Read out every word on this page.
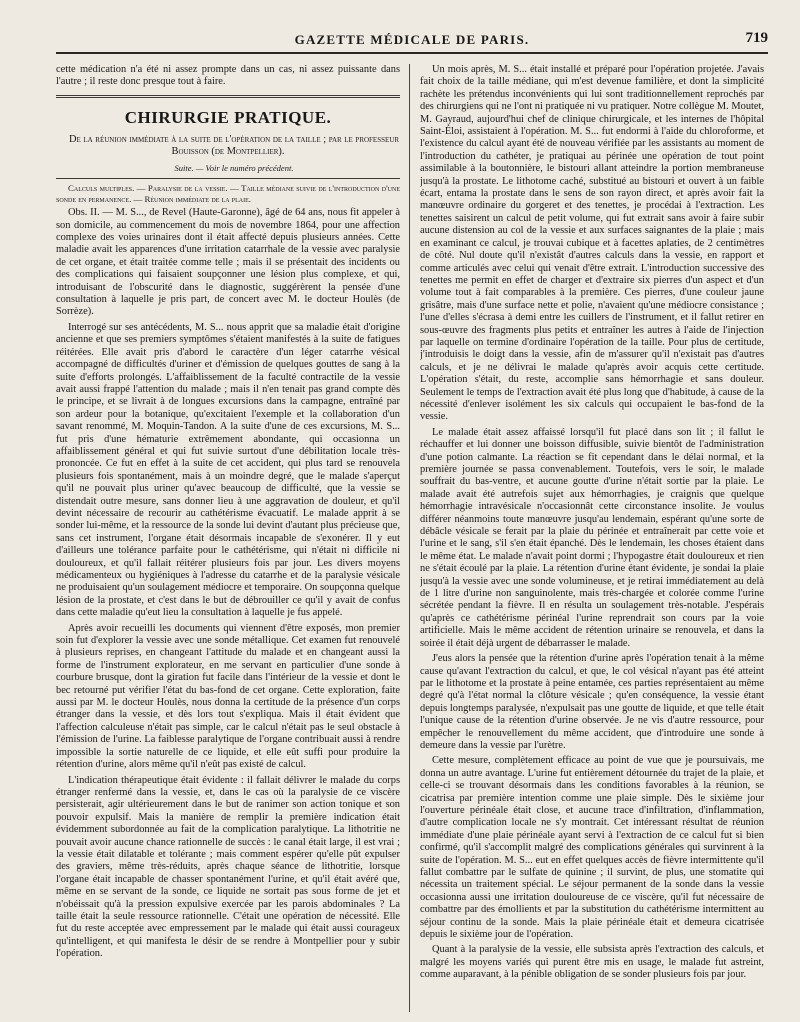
GAZETTE MÉDICALE DE PARIS.	719

cette médication n'a été ni assez prompte dans un cas, ni assez puissante dans l'autre ; il reste donc presque tout à faire.

CHIRURGIE PRATIQUE.

De la réunion immédiate à la suite de l'opération de la taille ; par le professeur Bouisson (de Montpellier).

Suite. — Voir le numéro précédent.

Calculs multiples. — Paralysie de la vessie. — Taille médiane suivie de l'introduction d'une sonde en permanence. — Réunion immédiate de la plaie.

Obs. II. — M. S..., de Revel (Haute-Garonne), âgé de 64 ans, nous fit appeler à son domicile, au commencement du mois de novembre 1864, pour une affection complexe des voies urinaires dont il était affecté depuis plusieurs années. Cette maladie avait les apparences d'une irritation catarrhale de la vessie avec paralysie de cet organe, et était traitée comme telle ; mais il se présentait des incidents ou des complications qui faisaient soupçonner une lésion plus complexe, et qui, introduisant de l'obscurité dans le diagnostic, suggérèrent la pensée d'une consultation à laquelle je pris part, de concert avec M. le docteur Houlès (de Sorrèze).

Interrogé sur ses antécédents, M. S... nous apprit que sa maladie était d'origine ancienne et que ses premiers symptômes s'étaient manifestés à la suite de fatigues réitérées. Elle avait pris d'abord le caractère d'un léger catarrhe vésical accompagné de difficultés d'uriner et d'émission de quelques gouttes de sang à la suite d'efforts prolongés. L'affaiblissement de la faculté contractile de la vessie avait aussi frappé l'attention du malade ; mais il n'en tenait pas grand compte dès le principe, et se livrait à de longues excursions dans la campagne, entraîné par son ardeur pour la botanique, qu'excitaient l'exemple et la collaboration d'un savant renommé, M. Moquin-Tandon. A la suite d'une de ces excursions, M. S... fut pris d'une hématurie extrêmement abondante, qui occasionna un affaiblissement général et qui fut suivie surtout d'une débilitation locale très-prononcée. Ce fut en effet à la suite de cet accident, qui plus tard se renouvela plusieurs fois spontanément, mais à un moindre degré, que le malade s'aperçut qu'il ne pouvait plus uriner qu'avec beaucoup de difficulté, que la vessie se distendait outre mesure, sans donner lieu à une aggravation de douleur, et qu'il devint nécessaire de recourir au cathétérisme évacuatif. Le malade apprit à se sonder lui-même, et la ressource de la sonde lui devint d'autant plus précieuse que, sans cet instrument, l'organe était désormais incapable de s'exonérer. Il y eut d'ailleurs une tolérance parfaite pour le cathétérisme, qui n'était ni difficile ni douloureux, et qu'il fallait réitérer plusieurs fois par jour. Les divers moyens médicamenteux ou hygiéniques à l'adresse du catarrhe et de la paralysie vésicale ne produisaient qu'un soulagement médiocre et temporaire. On soupçonna quelque lésion de la prostate, et c'est dans le but de débrouiller ce qu'il y avait de confus dans cette maladie qu'eut lieu la consultation à laquelle je fus appelé.

Après avoir recueilli les documents qui viennent d'être exposés, mon premier soin fut d'explorer la vessie avec une sonde métallique. Cet examen fut renouvelé à plusieurs reprises, en changeant l'attitude du malade et en changeant aussi la forme de l'instrument explorateur, en me servant en particulier d'une sonde à courbure brusque, dont la giration fut facile dans l'intérieur de la vessie et dont le bec retourné put vérifier l'état du bas-fond de cet organe. Cette exploration, faite aussi par M. le docteur Houlès, nous donna la certitude de la présence d'un corps étranger dans la vessie, et dès lors tout s'expliqua. Mais il était évident que l'affection calculeuse n'était pas simple, car le calcul n'était pas le seul obstacle à l'émission de l'urine. La faiblesse paralytique de l'organe contribuait aussi à rendre impossible la sortie naturelle de ce liquide, et elle eût suffi pour produire la rétention d'urine, alors même qu'il n'eût pas existé de calcul.

L'indication thérapeutique était évidente : il fallait délivrer le malade du corps étranger renfermé dans la vessie, et, dans le cas où la paralysie de ce viscère persisterait, agir ultérieurement dans le but de ranimer son action tonique et son pouvoir expulsif. Mais la manière de remplir la première indication était évidemment subordonnée au fait de la complication paralytique. La lithotritie ne pouvait avoir aucune chance rationnelle de succès : le canal était large, il est vrai ; la vessie était dilatable et tolérante ; mais comment espérer qu'elle pût expulser des graviers, même très-réduits, après chaque séance de lithotritie, lorsque l'organe était incapable de chasser spontanément l'urine, et qu'il était avéré que, même en se servant de la sonde, ce liquide ne sortait pas sous forme de jet et n'obéissait qu'à la pression expulsive exercée par les parois abdominales ? La taille était la seule ressource rationnelle. C'était une opération de nécessité. Elle fut du reste acceptée avec empressement par le malade qui était aussi courageux qu'intelligent, et qui manifesta le désir de se rendre à Montpellier pour y subir l'opération.

Un mois après, M. S... était installé et préparé pour l'opération projetée. J'avais fait choix de la taille médiane, qui m'est devenue familière, et dont la simplicité rachète les prétendus inconvénients qui lui sont traditionnellement reprochés par des chirurgiens qui ne l'ont ni pratiquée ni vu pratiquer. Notre collègue M. Moutet, M. Gayraud, aujourd'hui chef de clinique chirurgicale, et les internes de l'hôpital Saint-Éloi, assistaient à l'opération. M. S... fut endormi à l'aide du chloroforme, et l'existence du calcul ayant été de nouveau vérifiée par les assistants au moment de l'introduction du cathéter, je pratiquai au périnée une opération de tout point assimilable à la boutonnière, le bistouri allant atteindre la portion membraneuse jusqu'à la prostate. Le lithotome caché, substitué au bistouri et ouvert à un faible écart, entama la prostate dans le sens de son rayon direct, et après avoir fait la manœuvre ordinaire du gorgeret et des tenettes, je procédai à l'extraction. Les tenettes saisirent un calcul de petit volume, qui fut extrait sans avoir à faire subir aucune distension au col de la vessie et aux surfaces saignantes de la plaie ; mais en examinant ce calcul, je trouvai cubique et à facettes aplaties, de 2 centimètres de côté. Nul doute qu'il n'existât d'autres calculs dans la vessie, en rapport et comme articulés avec celui qui venait d'être extrait. L'introduction successive des tenettes me permit en effet de charger et d'extraire six pierres d'un aspect et d'un volume tout à fait comparables à la première. Ces pierres, d'une couleur jaune grisâtre, mais d'une surface nette et polie, n'avaient qu'une médiocre consistance ; l'une d'elles s'écrasa à demi entre les cuillers de l'instrument, et il fallut retirer en sous-œuvre des fragments plus petits et entraîner les autres à l'aide de l'injection par laquelle on termine d'ordinaire l'opération de la taille. Pour plus de certitude, j'introduisis le doigt dans la vessie, afin de m'assurer qu'il n'existait pas d'autres calculs, et je ne délivrai le malade qu'après avoir acquis cette certitude. L'opération s'était, du reste, accomplie sans hémorrhagie et sans douleur. Seulement le temps de l'extraction avait été plus long que d'habitude, à cause de la nécessité d'enlever isolément les six calculs qui occupaient le bas-fond de la vessie.

Le malade était assez affaissé lorsqu'il fut placé dans son lit ; il fallut le réchauffer et lui donner une boisson diffusible, suivie bientôt de l'administration d'une potion calmante. La réaction se fit cependant dans le délai normal, et la première journée se passa convenablement. Toutefois, vers le soir, le malade souffrait du bas-ventre, et aucune goutte d'urine n'était sortie par la plaie. Le malade avait été autrefois sujet aux hémorrhagies, je craignis que quelque hémorrhagie intravésicale n'occasionnât cette circonstance insolite. Je voulus différer néanmoins toute manœuvre jusqu'au lendemain, espérant qu'une sorte de débâcle vésicale se ferait par la plaie du périnée et entraînerait par cette voie et l'urine et le sang, s'il s'en était épanché. Dès le lendemain, les choses étaient dans le même état. Le malade n'avait point dormi ; l'hypogastre était douloureux et rien ne s'était écoulé par la plaie. La rétention d'urine étant évidente, je sondai la plaie jusqu'à la vessie avec une sonde volumineuse, et je retirai immédiatement au delà de 1 litre d'urine non sanguinolente, mais très-chargée et colorée comme l'urine sécrétée pendant la fièvre. Il en résulta un soulagement très-notable. J'espérais qu'après ce cathétérisme périnéal l'urine reprendrait son cours par la voie artificielle. Mais le même accident de rétention urinaire se renouvela, et dans la soirée il était déjà urgent de débarrasser le malade.

J'eus alors la pensée que la rétention d'urine après l'opération tenait à la même cause qu'avant l'extraction du calcul, et que, le col vésical n'ayant pas été atteint par le lithotome et la prostate à peine entamée, ces parties représentaient au même degré qu'à l'état normal la clôture vésicale ; qu'en conséquence, la vessie étant depuis longtemps paralysée, n'expulsait pas une goutte de liquide, et que telle était l'unique cause de la rétention d'urine observée. Je ne vis d'autre ressource, pour empêcher le renouvellement du même accident, que d'introduire une sonde à demeure dans la vessie par l'urètre.

Cette mesure, complètement efficace au point de vue que je poursuivais, me donna un autre avantage. L'urine fut entièrement détournée du trajet de la plaie, et celle-ci se trouvant désormais dans les conditions favorables à la réunion, se cicatrisa par première intention comme une plaie simple. Dès le sixième jour l'ouverture périnéale était close, et aucune trace d'infiltration, d'inflammation, d'autre complication locale ne s'y montrait. Cet intéressant résultat de réunion immédiate d'une plaie périnéale ayant servi à l'extraction de ce calcul fut si bien confirmé, qu'il s'accomplit malgré des complications générales qui survinrent à la suite de l'opération. M. S... eut en effet quelques accès de fièvre intermittente qu'il fallut combattre par le sulfate de quinine ; il survint, de plus, une stomatite qui nécessita un traitement spécial. Le séjour permanent de la sonde dans la vessie occasionna aussi une irritation douloureuse de ce viscère, qu'il fut nécessaire de combattre par des émollients et par la substitution du cathétérisme intermittent au séjour continu de la sonde. Mais la plaie périnéale était et demeura cicatrisée depuis le sixième jour de l'opération.

Quant à la paralysie de la vessie, elle subsista après l'extraction des calculs, et malgré les moyens variés qui purent être mis en usage, le malade fut astreint, comme auparavant, à la pénible obligation de se sonder plusieurs fois par jour.
